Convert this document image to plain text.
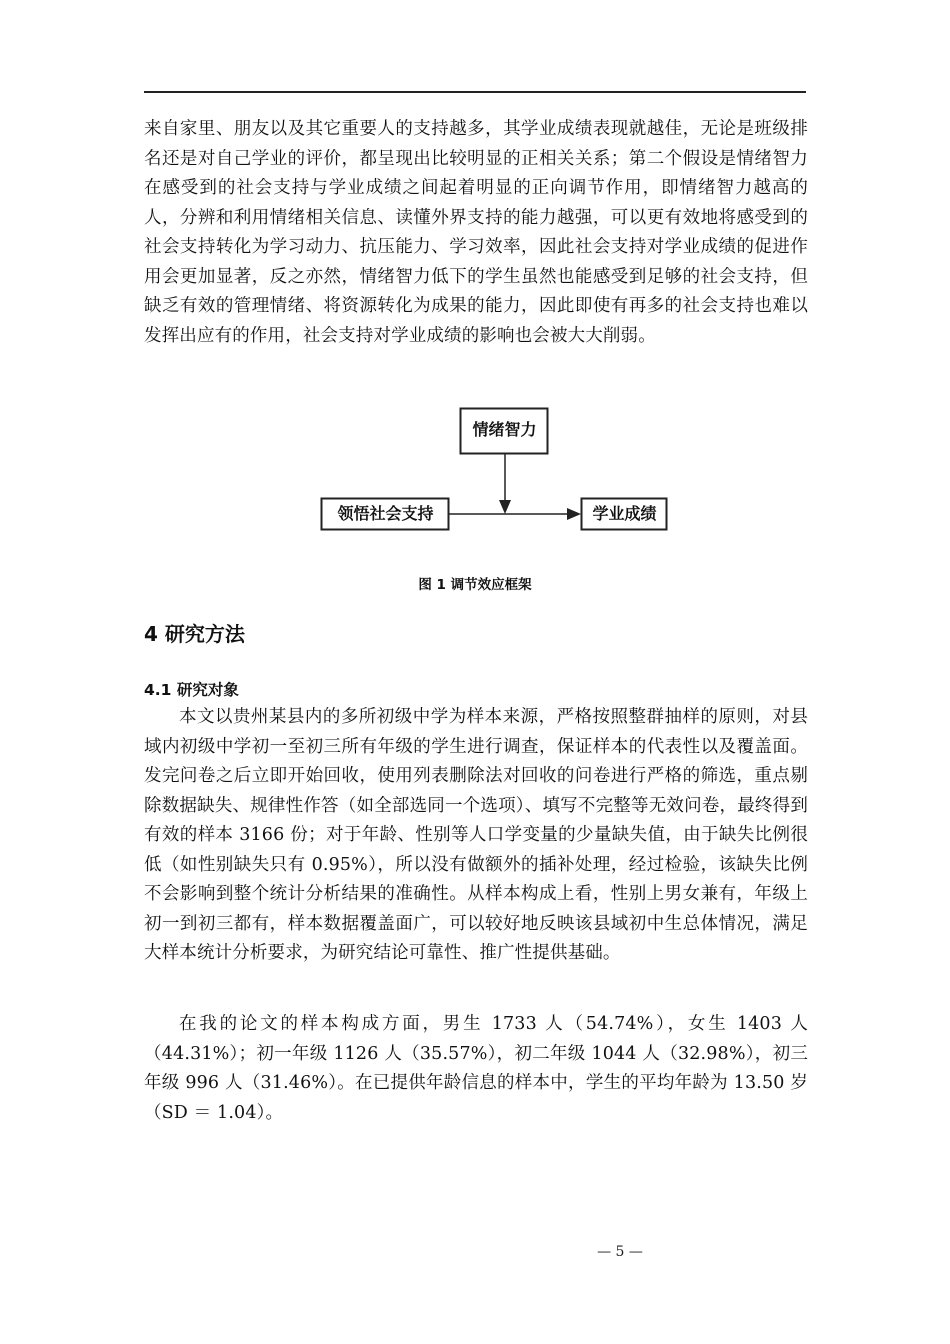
来自家里、朋友以及其它重要人的支持越多，其学业成绩表现就越佳，无论是班级排名还是对自己学业的评价，都呈现出比较明显的正相关关系；第二个假设是情绪智力在感受到的社会支持与学业成绩之间起着明显的正向调节作用，即情绪智力越高的人，分辨和利用情绪相关信息、读懂外界支持的能力越强，可以更有效地将感受到的社会支持转化为学习动力、抗压能力、学习效率，因此社会支持对学业成绩的促进作用会更加显著，反之亦然，情绪智力低下的学生虽然也能感受到足够的社会支持，但缺乏有效的管理情绪、将资源转化为成果的能力，因此即使有再多的社会支持也难以发挥出应有的作用，社会支持对学业成绩的影响也会被大大削弱。

情绪智力
领悟社会支持	学业成绩
图 1 调节效应框架
4 研究方法
4.1 研究对象

本文以贵州某县内的多所初级中学为样本来源，严格按照整群抽样的原则，对县域内初级中学初一至初三所有年级的学生进行调查，保证样本的代表性以及覆盖面。发完问卷之后立即开始回收，使用列表删除法对回收的问卷进行严格的筛选，重点剔除数据缺失、规律性作答（如全部选同一个选项）、填写不完整等无效问卷，最终得到有效的样本 3166 份；对于年龄、性别等人口学变量的少量缺失值，由于缺失比例很低（如性别缺失只有 0.95%），所以没有做额外的插补处理，经过检验，该缺失比例不会影响到整个统计分析结果的准确性。从样本构成上看，性别上男女兼有，年级上初一到初三都有，样本数据覆盖面广，可以较好地反映该县域初中生总体情况，满足大样本统计分析要求，为研究结论可靠性、推广性提供基础。

在我的论文的样本构成方面，男生 1733 人（54.74%），女生 1403 人（44.31%）；初一年级 1126 人（35.57%），初二年级 1044 人（32.98%），初三年级 996 人（31.46%）。在已提供年龄信息的样本中，学生的平均年龄为 13.50 岁（SD ＝ 1.04）。

— 5 —
